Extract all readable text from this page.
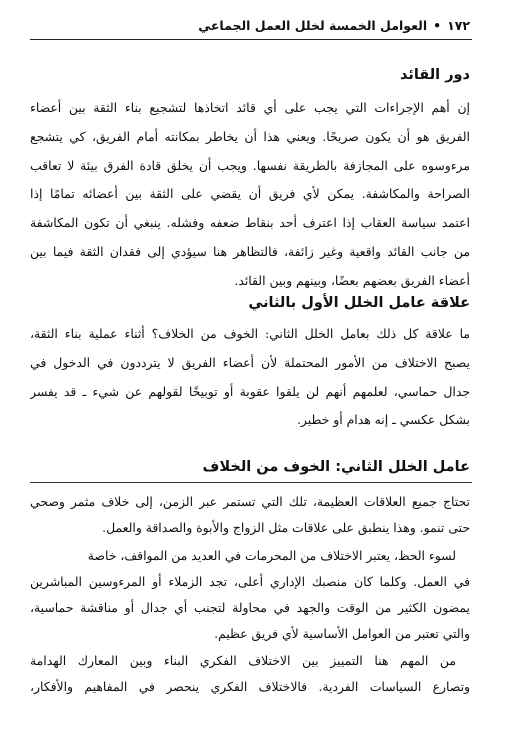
١٧٢•العوامل الخمسة لخلل العمل الجماعي
دور القائد
إن أهم الإجراءات التي يجب على أي قائد اتخاذها لتشجيع بناء الثقة بين أعضاء
الفريق هو أن يكون صريحًا. ويعني هذا أن يخاطر بمكانته أمام الفريق، كي يتشجع
مرءوسوه على المجازفة بالطريقة نفسها. ويجب أن يخلق قادة الفرق بيئة لا تعاقب
الصراحة والمكاشفة. يمكن لأي فريق أن يقضي على الثقة بين أعضائه تمامًا إذا
اعتمد سياسة العقاب إذا اعترف أحد بنقاط ضعفه وفشله. ينبغي أن تكون المكاشفة
من جانب القائد واقعية وغير زائفة، فالتظاهر هنا سيؤدي إلى فقدان الثقة فيما بين
أعضاء الفريق بعضهم بعضًا، وبينهم وبين القائد.
علاقة عامل الخلل الأول بالثاني
ما علاقة كل ذلك بعامل الخلل الثاني: الخوف من الخلاف؟ أثناء عملية بناء الثقة،
يصبح الاختلاف من الأمور المحتملة لأن أعضاء الفريق لا يترددون في الدخول في
جدال حماسي، لعلمهم أنهم لن يلقوا عقوبة أو توبيخًا لقولهم عن شيء ـ قد يفسر
بشكل عكسي ـ إنه هدام أو خطير.
عامل الخلل الثاني: الخوف من الخلاف
تحتاج جميع العلاقات العظيمة، تلك التي تستمر عبر الزمن، إلى خلاف مثمر وصحي
حتى تنمو. وهذا ينطبق على علاقات مثل الزواج والأبوة والصداقة والعمل.
لسوء الحظ، يعتبر الاختلاف من المحرمات في العديد من المواقف، خاصة
في العمل. وكلما كان منصبك الإداري أعلى، تجد الزملاء أو المرءوسين المباشرين
يمضون الكثير من الوقت والجهد في محاولة لتجنب أي جدال أو مناقشة حماسية،
والتي تعتبر من العوامل الأساسية لأي فريق عظيم.
من المهم هنا التمييز بين الاختلاف الفكري البناء وبين المعارك الهدامة
وتصارع السياسات الفردية. فالاختلاف الفكري ينحصر في المفاهيم والأفكار،
